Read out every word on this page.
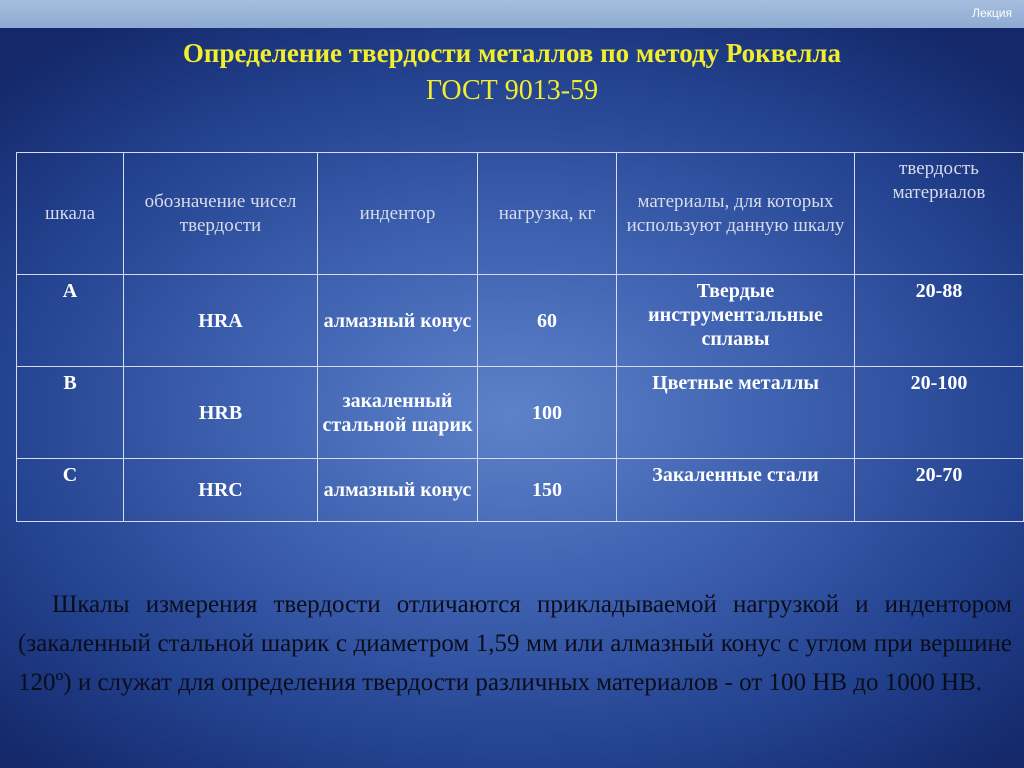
Лекция
Определение твердости металлов по методу Роквелла
ГОСТ 9013-59
шкала	обозначение чисел твердости	индентор	нагрузка, кг	материалы, для которых используют данную шкалу	твердость материалов
A	HRA	алмазный конус	60	Твердые инструментальные сплавы	20-88
B	HRB	закаленный стальной шарик	100	Цветные металлы	20-100
C	HRC	алмазный конус	150	Закаленные стали	20-70

Шкалы измерения твердости отличаются прикладываемой нагрузкой и индентором (закаленный стальной шарик с диаметром 1,59 мм или алмазный конус с углом при вершине 120º) и служат для определения твердости различных материалов - от 100 НВ до 1000 НВ.
